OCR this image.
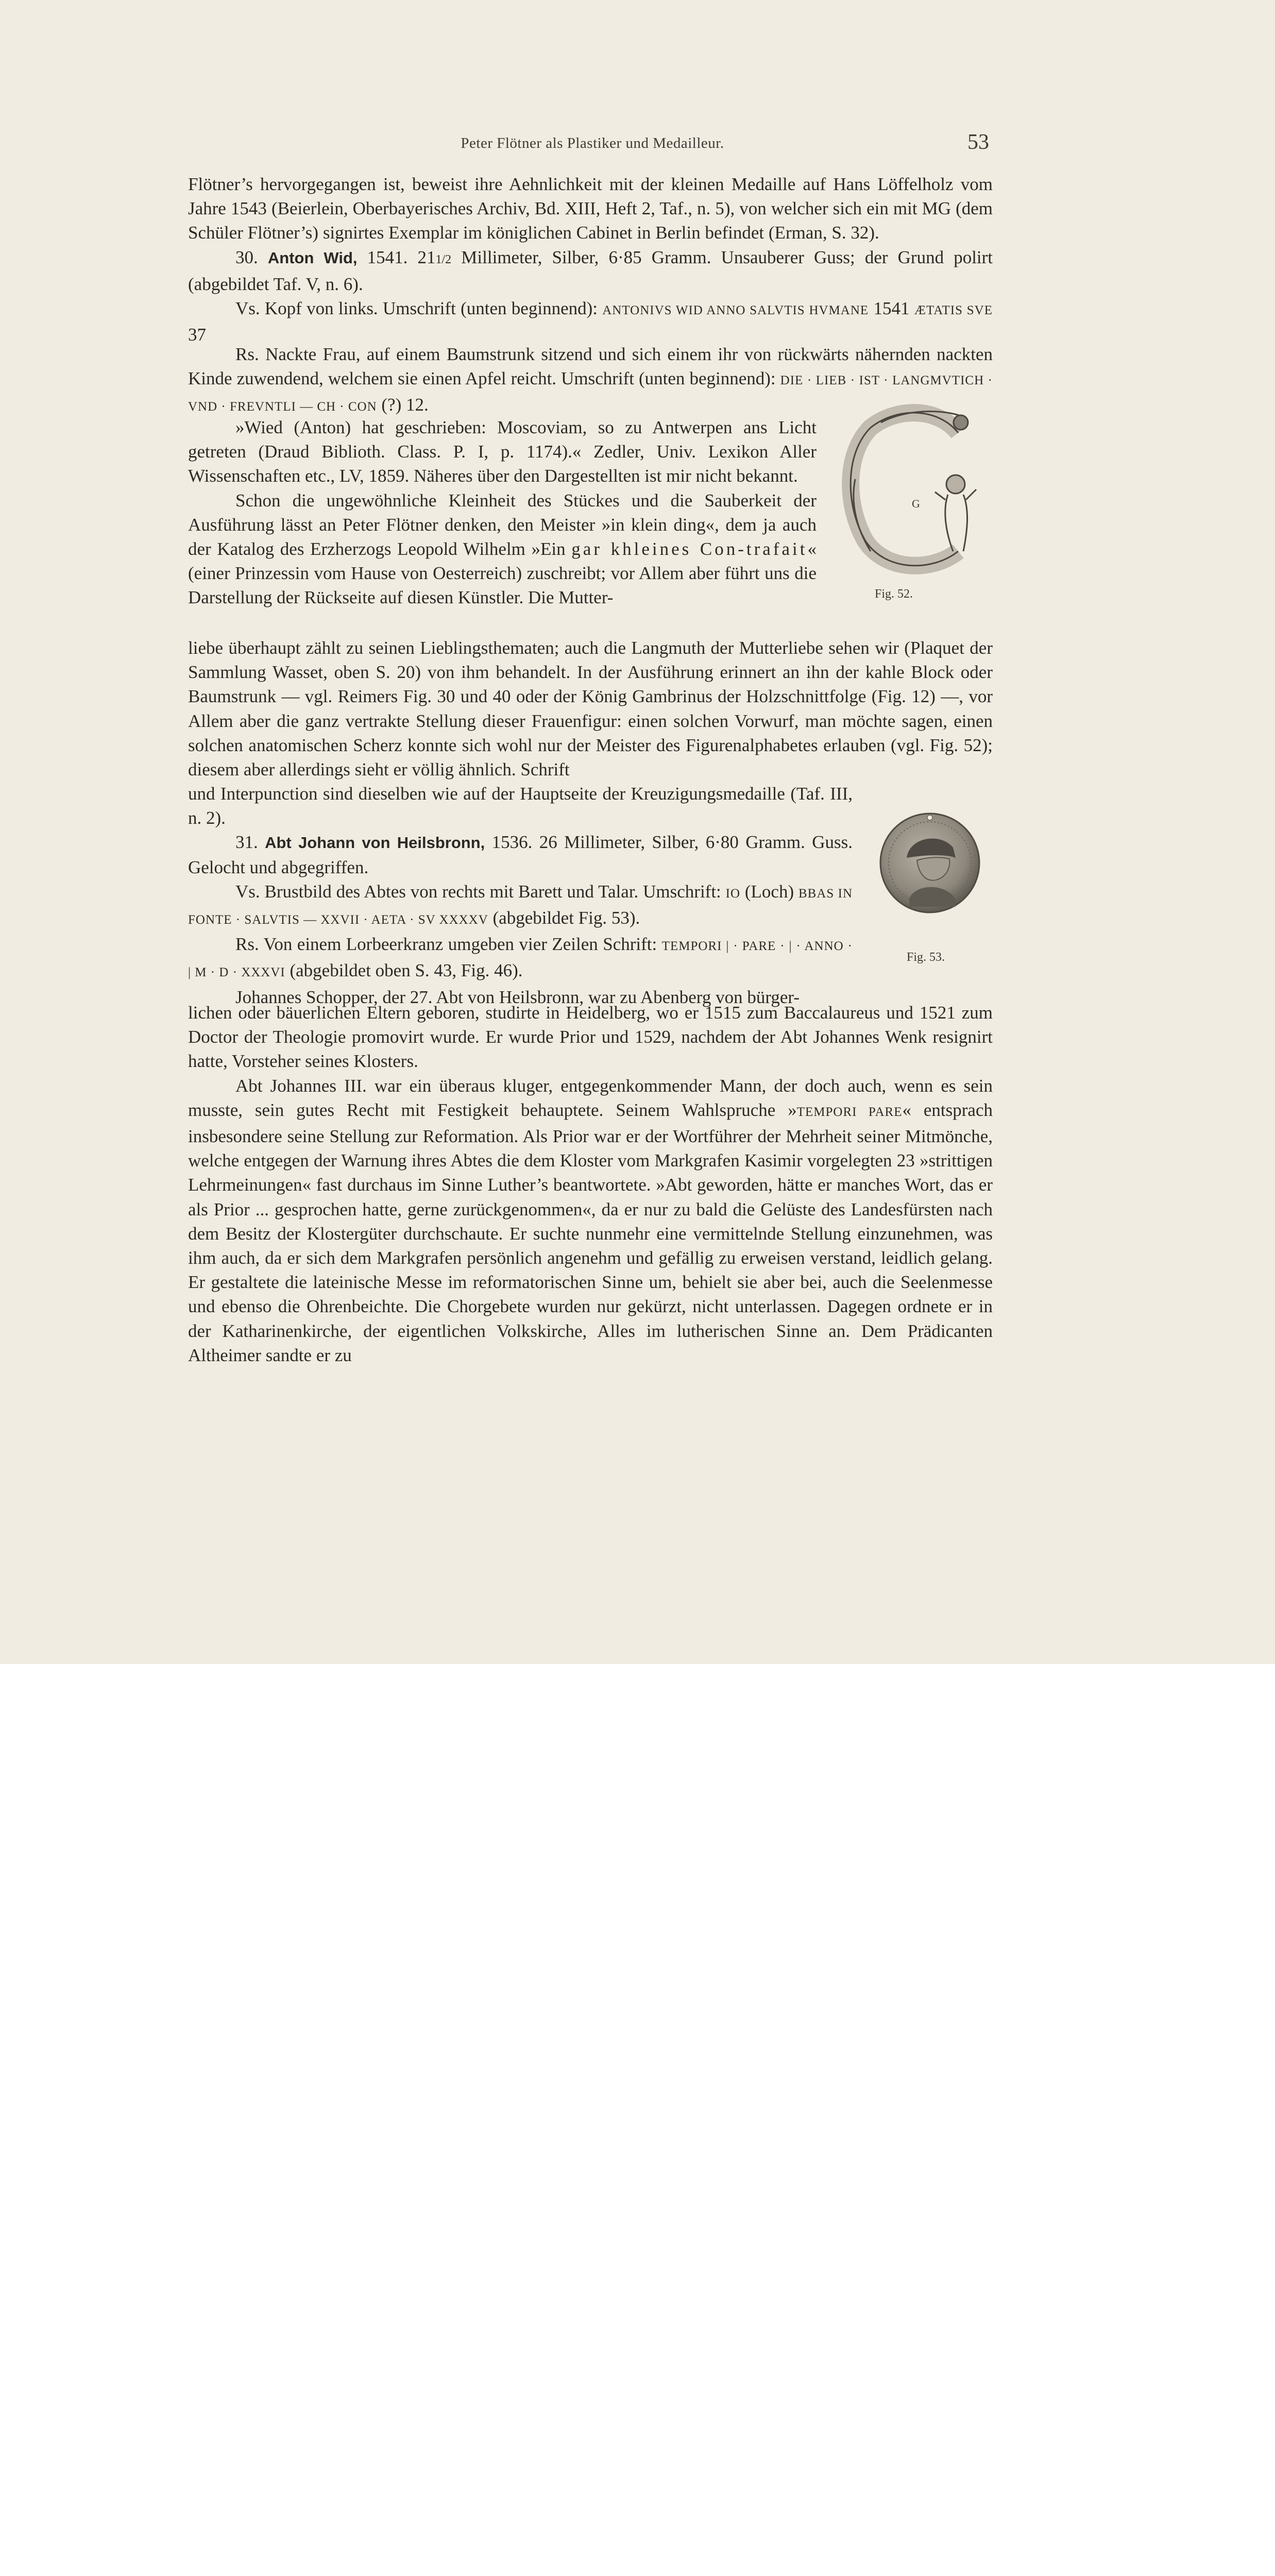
Peter Flötner als Plastiker und Medailleur.	53

Flötner’s hervorgegangen ist, beweist ihre Aehnlichkeit mit der kleinen Medaille auf Hans Löffelholz vom Jahre 1543 (Beierlein, Oberbayerisches Archiv, Bd. XIII, Heft 2, Taf., n. 5), von welcher sich ein mit MG (dem Schüler Flötner’s) signirtes Exemplar im königlichen Cabinet in Berlin befindet (Erman, S. 32).

30. Anton Wid, 1541. 211/2 Millimeter, Silber, 6·85 Gramm. Unsauberer Guss; der Grund polirt (abgebildet Taf. V, n. 6).

Vs. Kopf von links. Umschrift (unten beginnend): ANTONIVS WID ANNO SALVTIS HVMANE 1541 ÆTATIS SVE 37

Rs. Nackte Frau, auf einem Baumstrunk sitzend und sich einem ihr von rückwärts nähernden nackten Kinde zuwendend, welchem sie einen Apfel reicht. Umschrift (unten beginnend): DIE · LIEB · IST · LANGMVTICH · VND · FREVNTLI — CH · CON (?) 12.

»Wied (Anton) hat geschrieben: Moscoviam, so zu Antwerpen ans Licht getreten (Draud Biblioth. Class. P. I, p. 1174).« Zedler, Univ. Lexikon Aller Wissenschaften etc., LV, 1859. Näheres über den Dargestellten ist mir nicht bekannt.

Schon die ungewöhnliche Kleinheit des Stückes und die Sauberkeit der Ausführung lässt an Peter Flötner denken, den Meister »in klein ding«, dem ja auch der Katalog des Erzherzogs Leopold Wilhelm »Ein gar khleines Con-trafait« (einer Prinzessin vom Hause von Oesterreich) zuschreibt; vor Allem aber führt uns die Darstellung der Rückseite auf diesen Künstler. Die Mutter-

G
Fig. 52.

liebe überhaupt zählt zu seinen Lieblingsthematen; auch die Langmuth der Mutterliebe sehen wir (Plaquet der Sammlung Wasset, oben S. 20) von ihm behandelt. In der Ausführung erinnert an ihn der kahle Block oder Baumstrunk — vgl. Reimers Fig. 30 und 40 oder der König Gambrinus der Holzschnittfolge (Fig. 12) —, vor Allem aber die ganz vertrakte Stellung dieser Frauenfigur: einen solchen Vorwurf, man möchte sagen, einen solchen anatomischen Scherz konnte sich wohl nur der Meister des Figurenalphabetes erlauben (vgl. Fig. 52); diesem aber allerdings sieht er völlig ähnlich. Schrift

und Interpunction sind dieselben wie auf der Hauptseite der Kreuzigungsmedaille (Taf. III, n. 2).

31. Abt Johann von Heilsbronn, 1536. 26 Millimeter, Silber, 6·80 Gramm. Guss. Gelocht und abgegriffen.

Vs. Brustbild des Abtes von rechts mit Barett und Talar. Umschrift: IO (Loch) BBAS IN FONTE · SALVTIS — XXVII · AETA · SV XXXXV (abgebildet Fig. 53).

Rs. Von einem Lorbeerkranz umgeben vier Zeilen Schrift: TEMPORI | · PARE · | · ANNO · | M · D · XXXVI (abgebildet oben S. 43, Fig. 46).

Johannes Schopper, der 27. Abt von Heilsbronn, war zu Abenberg von bürger-

Fig. 53.

lichen oder bäuerlichen Eltern geboren, studirte in Heidelberg, wo er 1515 zum Baccalaureus und 1521 zum Doctor der Theologie promovirt wurde. Er wurde Prior und 1529, nachdem der Abt Johannes Wenk resignirt hatte, Vorsteher seines Klosters.

Abt Johannes III. war ein überaus kluger, entgegenkommender Mann, der doch auch, wenn es sein musste, sein gutes Recht mit Festigkeit behauptete. Seinem Wahlspruche »TEMPORI PARE« entsprach insbesondere seine Stellung zur Reformation. Als Prior war er der Wortführer der Mehrheit seiner Mitmönche, welche entgegen der Warnung ihres Abtes die dem Kloster vom Markgrafen Kasimir vorgelegten 23 »strittigen Lehrmeinungen« fast durchaus im Sinne Luther’s beantwortete. »Abt geworden, hätte er manches Wort, das er als Prior ... gesprochen hatte, gerne zurückgenommen«, da er nur zu bald die Gelüste des Landesfürsten nach dem Besitz der Klostergüter durchschaute. Er suchte nunmehr eine vermittelnde Stellung einzunehmen, was ihm auch, da er sich dem Markgrafen persönlich angenehm und gefällig zu erweisen verstand, leidlich gelang. Er gestaltete die lateinische Messe im reformatorischen Sinne um, behielt sie aber bei, auch die Seelenmesse und ebenso die Ohrenbeichte. Die Chorgebete wurden nur gekürzt, nicht unterlassen. Dagegen ordnete er in der Katharinenkirche, der eigentlichen Volkskirche, Alles im lutherischen Sinne an. Dem Prädicanten Altheimer sandte er zu
